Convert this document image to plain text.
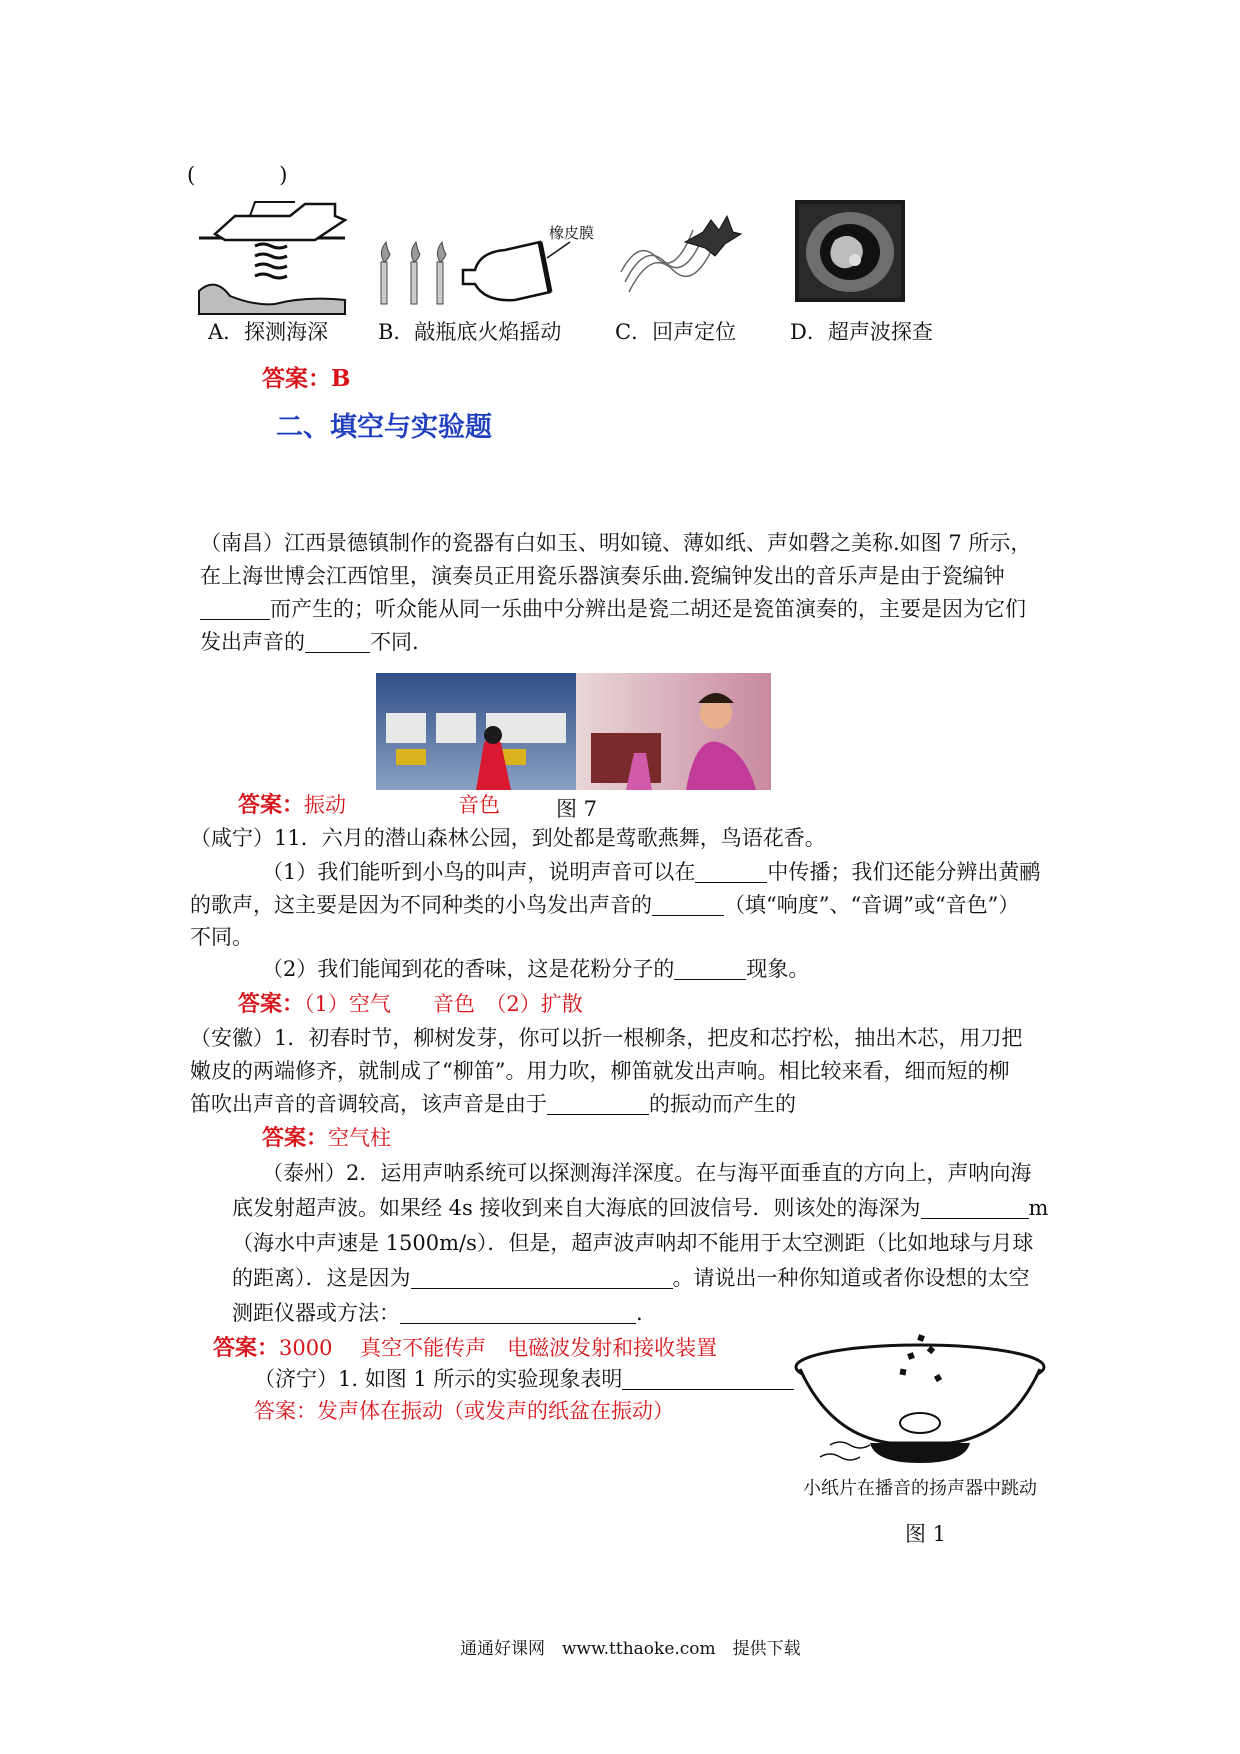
(　　　　)
橡皮膜
A．探测海深 B．敲瓶底火焰摇动	C．回声定位	D．超声波探查
答案：B
二、填空与实验题
（南昌）江西景德镇制作的瓷器有白如玉、明如镜、薄如纸、声如磬之美称.如图 7 所示，
在上海世博会江西馆里，演奏员正用瓷乐器演奏乐曲.瓷编钟发出的音乐声是由于瓷编钟
而产生的；听众能从同一乐曲中分辨出是瓷二胡还是瓷笛演奏的，主要是因为它们
发出声音的	不同.
答案：振动	音色	图 7
（咸宁）11．六月的潜山森林公园，到处都是莺歌燕舞，鸟语花香。
（1）我们能听到小鸟的叫声，说明声音可以在	中传播；我们还能分辨出黄鹂
的歌声，这主要是因为不同种类的小鸟发出声音的	（填“响度”、“音调”或“音色”）
不同。
（2）我们能闻到花的香味，这是花粉分子的	现象。
答案：（1）空气　　音色　（2）扩散
（安徽）1．初春时节，柳树发芽，你可以折一根柳条，把皮和芯拧松，抽出木芯，用刀把
嫩皮的两端修齐，就制成了“柳笛”。用力吹，柳笛就发出声响。相比较来看，细而短的柳
笛吹出声音的音调较高，该声音是由于	的振动而产生的
答案：空气柱
（泰州）2．运用声呐系统可以探测海洋深度。在与海平面垂直的方向上，声呐向海
底发射超声波。如果经 4s 接收到来自大海底的回波信号．则该处的海深为	m
（海水中声速是 1500m/s）．但是，超声波声呐却不能用于太空测距（比如地球与月球
的距离）．这是因为	。请说出一种你知道或者你设想的太空
测距仪器或方法：	.
答案：3000　 真空不能传声　电磁波发射和接收装置
（济宁）1. 如图 1 所示的实验现象表明
答案：发声体在振动（或发声的纸盆在振动）
小纸片在播音的扬声器中跳动
图 1
通通好课网　www.tthaoke.com　提供下载
